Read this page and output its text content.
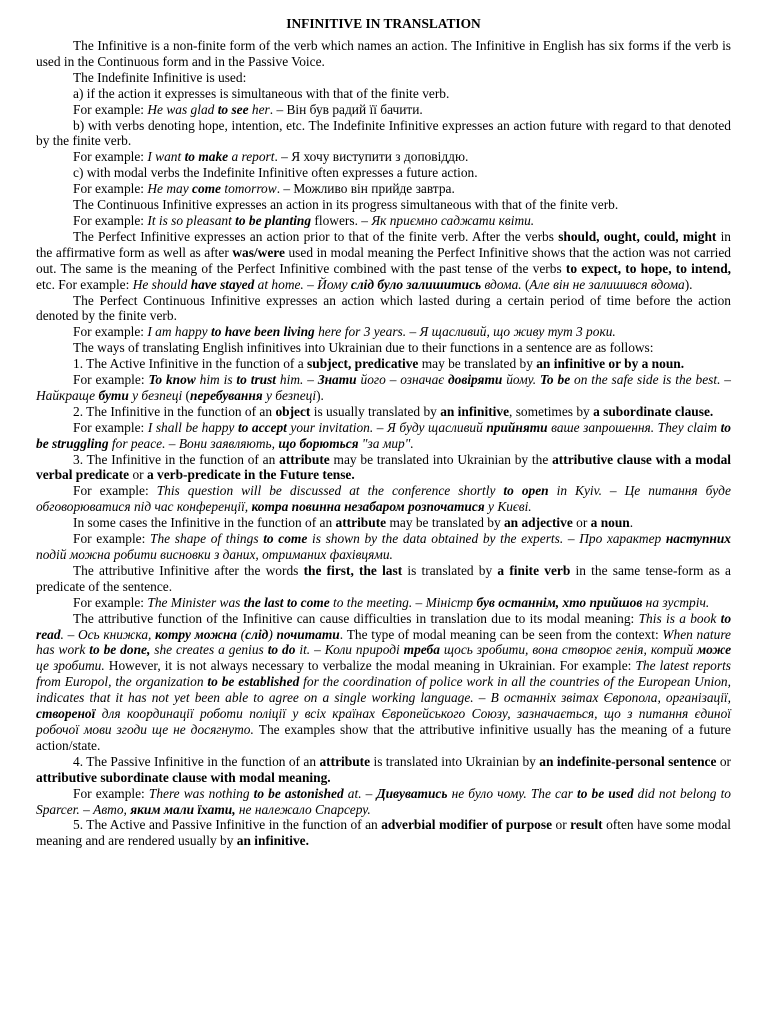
INFINITIVE IN TRANSLATION

The Infinitive is a non-finite form of the verb which names an action. The Infinitive in English has six forms if the verb is used in the Continuous form and in the Passive Voice.

The Indefinite Infinitive is used:

a) if the action it expresses is simultaneous with that of the finite verb.

For example: He was glad to see her. – Він був радий її бачити.

b) with verbs denoting hope, intention, etc. The Indefinite Infinitive expresses an action future with regard to that denoted by the finite verb.

For example: I want to make a report. – Я хочу виступити з доповіддю.

c) with modal verbs the Indefinite Infinitive often expresses a future action.

For example: He may come tomorrow. – Можливо він прийде завтра.

The Continuous Infinitive expresses an action in its progress simultaneous with that of the finite verb.

For example: It is so pleasant to be planting flowers. – Як приємно саджати квіти.

The Perfect Infinitive expresses an action prior to that of the finite verb. After the verbs should, ought, could, might in the affirmative form as well as after was/were used in modal meaning the Perfect Infinitive shows that the action was not carried out. The same is the meaning of the Perfect Infinitive combined with the past tense of the verbs to expect, to hope, to intend, etc. For example: He should have stayed at home. – Йому слід було залишитись вдома. (Але він не залишився вдома).

The Perfect Continuous Infinitive expresses an action which lasted during a certain period of time before the action denoted by the finite verb.

For example: I am happy to have been living here for 3 years. – Я щасливий, що живу тут 3 роки.

The ways of translating English infinitives into Ukrainian due to their functions in a sentence are as follows:

1. The Active Infinitive in the function of a subject, predicative may be translated by an infinitive or by a noun.

For example: To know him is to trust him. – Знати його – означає довіряти йому. To be on the safe side is the best. – Найкраще бути у безпеці (перебування у безпеці).

2. The Infinitive in the function of an object is usually translated by an infinitive, sometimes by a subordinate clause.

For example: I shall be happy to accept your invitation. – Я буду щасливий прийняти ваше запрошення. They claim to be struggling for peace. – Вони заявляють, що борються "за мир".

3. The Infinitive in the function of an attribute may be translated into Ukrainian by the attributive clause with a modal verbal predicate or a verb-predicate in the Future tense.

For example: This question will be discussed at the conference shortly to open in Kyiv. – Це питання буде обговорюватися під час конференції, котра повинна незабаром розпочатися у Києві.

In some cases the Infinitive in the function of an attribute may be translated by an adjective or a noun.

For example: The shape of things to come is shown by the data obtained by the experts. – Про характер наступних подій можна робити висновки з даних, отриманих фахівцями.

The attributive Infinitive after the words the first, the last is translated by a finite verb in the same tense-form as a predicate of the sentence.

For example: The Minister was the last to come to the meeting. – Міністр був останнім, хто прийшов на зустріч.

The attributive function of the Infinitive can cause difficulties in translation due to its modal meaning: This is a book to read. – Ось книжка, котру можна (слід) почитати. The type of modal meaning can be seen from the context: When nature has work to be done, she creates a genius to do it. – Коли природі треба щось зробити, вона створює генія, котрий може це зробити. However, it is not always necessary to verbalize the modal meaning in Ukrainian. For example: The latest reports from Europol, the organization to be established for the coordination of police work in all the countries of the European Union, indicates that it has not yet been able to agree on a single working language. – В останніх звітах Європола, організації, створеної для координації роботи поліції у всіх країнах Європейського Союзу, зазначається, що з питання єдиної робочої мови згоди ще не досягнуто. The examples show that the attributive infinitive usually has the meaning of a future action/state.

4. The Passive Infinitive in the function of an attribute is translated into Ukrainian by an indefinite-personal sentence or attributive subordinate clause with modal meaning.

For example: There was nothing to be astonished at. – Дивуватись не було чому. The car to be used did not belong to Sparcer. – Авто, яким мали їхати, не належало Спарсеру.

5. The Active and Passive Infinitive in the function of an adverbial modifier of purpose or result often have some modal meaning and are rendered usually by an infinitive.
